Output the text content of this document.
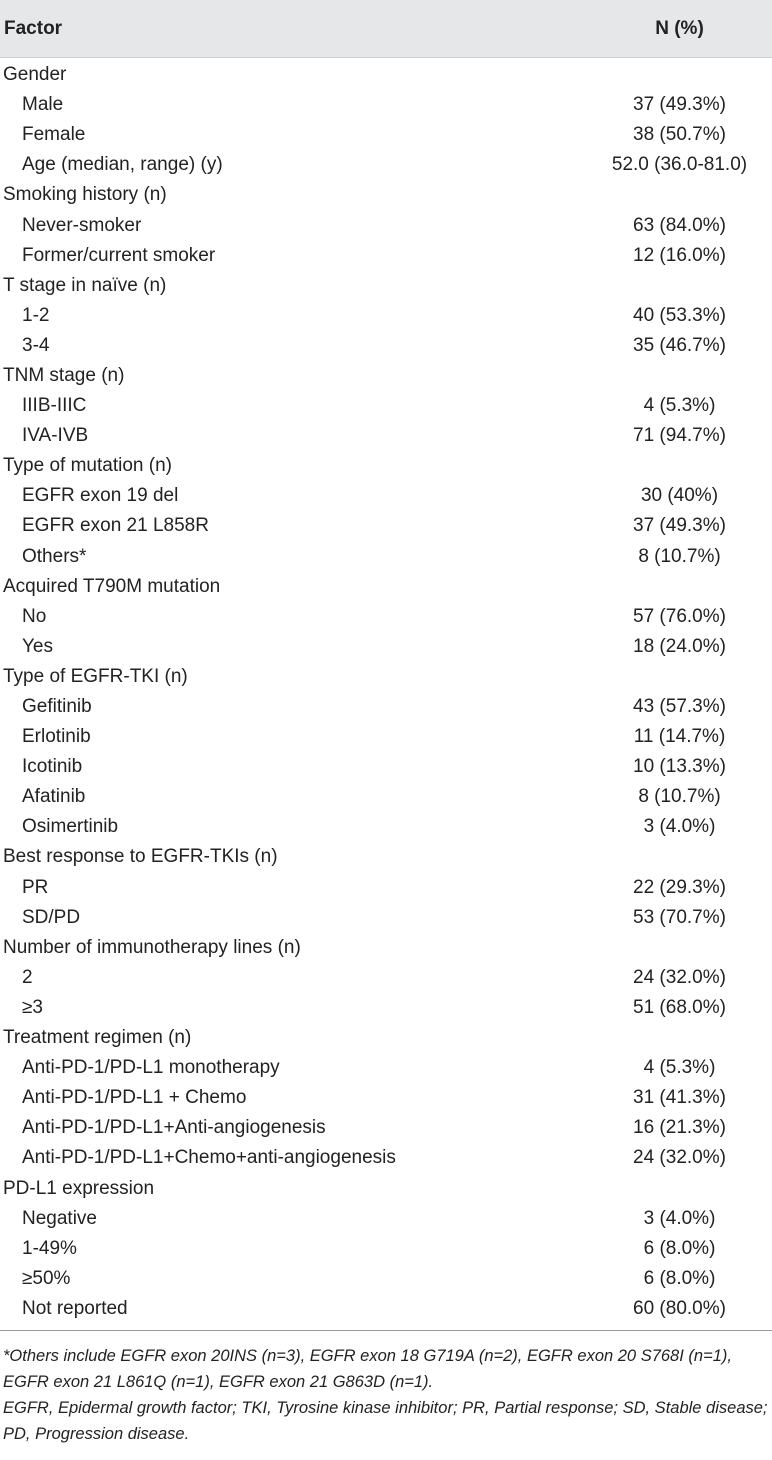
Factor	N (%)
Gender
Male	37 (49.3%)
Female	38 (50.7%)
Age (median, range) (y)	52.0 (36.0-81.0)
Smoking history (n)
Never-smoker	63 (84.0%)
Former/current smoker	12 (16.0%)
T stage in naïve (n)
1-2	40 (53.3%)
3-4	35 (46.7%)
TNM stage (n)
IIIB-IIIC	4 (5.3%)
IVA-IVB	71 (94.7%)
Type of mutation (n)
EGFR exon 19 del	30 (40%)
EGFR exon 21 L858R	37 (49.3%)
Others*	8 (10.7%)
Acquired T790M mutation
No	57 (76.0%)
Yes	18 (24.0%)
Type of EGFR-TKI (n)
Gefitinib	43 (57.3%)
Erlotinib	11 (14.7%)
Icotinib	10 (13.3%)
Afatinib	8 (10.7%)
Osimertinib	3 (4.0%)
Best response to EGFR-TKIs (n)
PR	22 (29.3%)
SD/PD	53 (70.7%)
Number of immunotherapy lines (n)
2	24 (32.0%)
≥3	51 (68.0%)
Treatment regimen (n)
Anti-PD-1/PD-L1 monotherapy	4 (5.3%)
Anti-PD-1/PD-L1 + Chemo	31 (41.3%)
Anti-PD-1/PD-L1+Anti-angiogenesis	16 (21.3%)
Anti-PD-1/PD-L1+Chemo+anti-angiogenesis	24 (32.0%)
PD-L1 expression
Negative	3 (4.0%)
1-49%	6 (8.0%)
≥50%	6 (8.0%)
Not reported	60 (80.0%)

*Others include EGFR exon 20INS (n=3), EGFR exon 18 G719A (n=2), EGFR exon 20 S768I (n=1), EGFR exon 21 L861Q (n=1), EGFR exon 21 G863D (n=1).

EGFR, Epidermal growth factor; TKI, Tyrosine kinase inhibitor; PR, Partial response; SD, Stable disease; PD, Progression disease.
